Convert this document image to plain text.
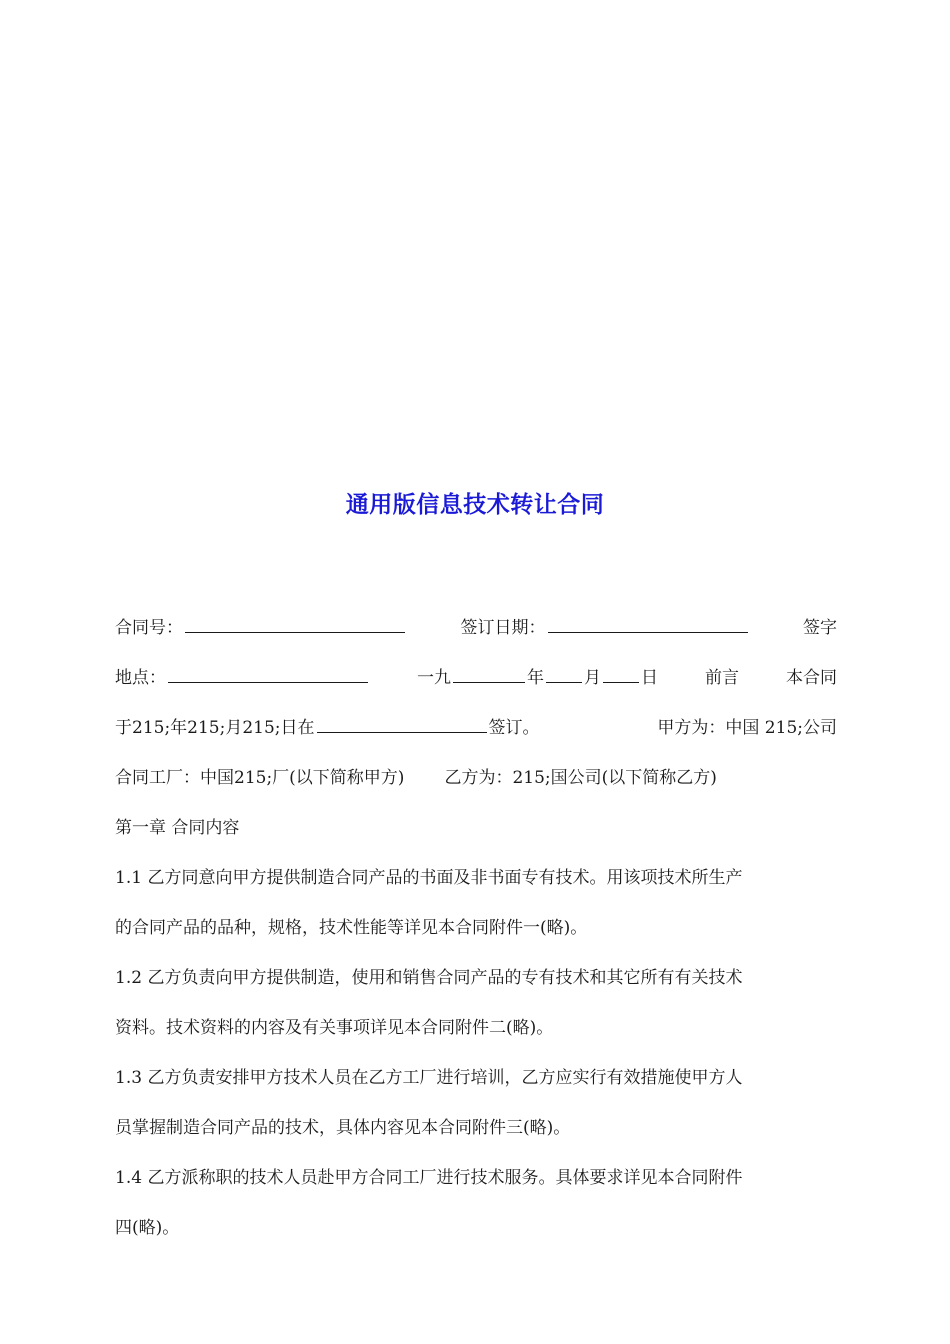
通用版信息技术转让合同
合同号：	签订日期：	签字
地点：	一九	年 月 日	前言	本合同
于215;年215;月215;日在	签订。	甲方为：中国 215;公司
合同工厂：中国215;厂(以下简称甲方) 乙方为：215;国公司(以下简称乙方)
第一章 合同内容
1.1 乙方同意向甲方提供制造合同产品的书面及非书面专有技术。用该项技术所生产
的合同产品的品种，规格，技术性能等详见本合同附件一(略)。
1.2 乙方负责向甲方提供制造，使用和销售合同产品的专有技术和其它所有有关技术
资料。技术资料的内容及有关事项详见本合同附件二(略)。
1.3 乙方负责安排甲方技术人员在乙方工厂进行培训，乙方应实行有效措施使甲方人
员掌握制造合同产品的技术，具体内容见本合同附件三(略)。
1.4 乙方派称职的技术人员赴甲方合同工厂进行技术服务。具体要求详见本合同附件
四(略)。
